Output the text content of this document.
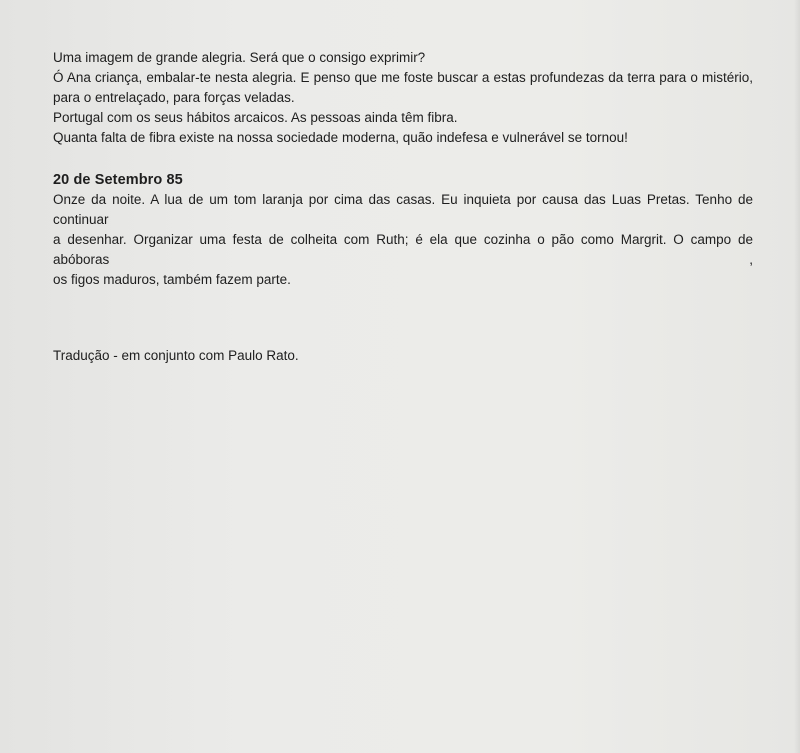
Uma imagem de grande alegria. Será que o consigo exprimir?

Ó Ana criança, embalar-te nesta alegria. E penso que me foste buscar a estas profundezas da terra para o mistério,

para o entrelaçado, para forças veladas.

Portugal com os seus hábitos arcaicos. As pessoas ainda têm fibra.

Quanta falta de fibra existe na nossa sociedade moderna, quão indefesa e vulnerável se tornou!

20 de Setembro 85

Onze da noite. A lua de um tom laranja por cima das casas. Eu inquieta por causa das Luas Pretas. Tenho de continuar

a desenhar. Organizar uma festa de colheita com Ruth; é ela que cozinha o pão como Margrit. O campo de abóboras ,

os figos maduros, também fazem parte.

Tradução - em conjunto com Paulo Rato.
